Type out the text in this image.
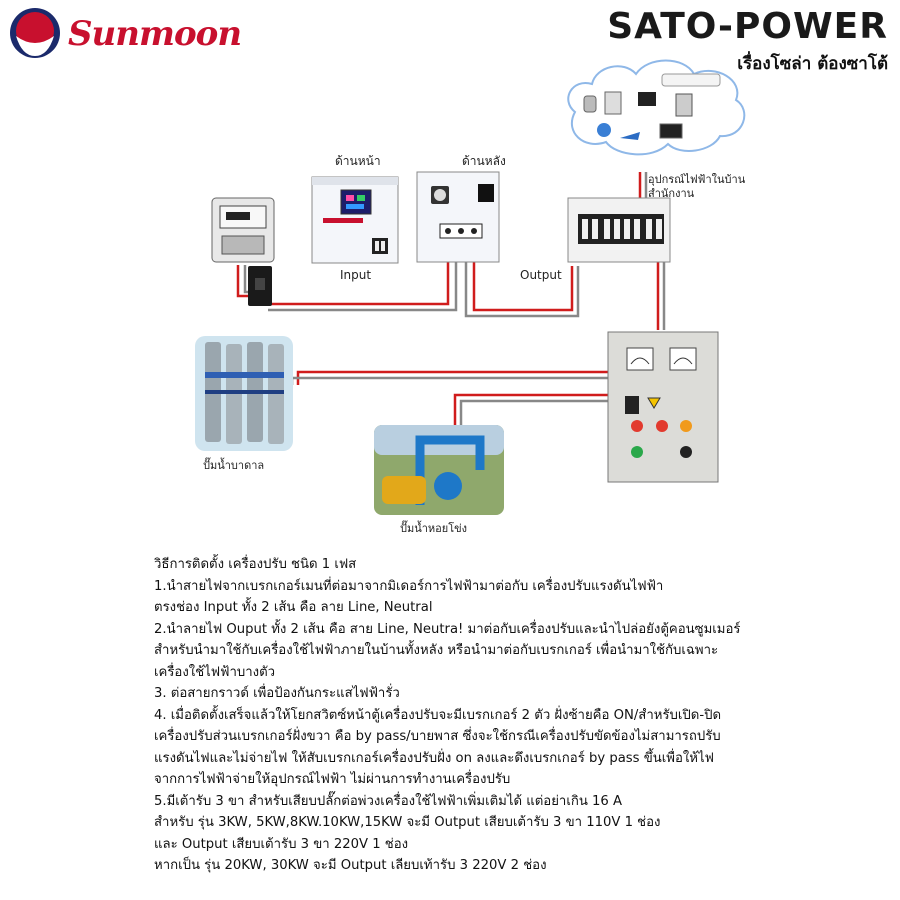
Sunmoon	SATO-POWER
เรื่องโซล่า ต้องซาโต้
ด้านหน้า	ด้านหลัง
Input	Output
อุปกรณ์ไฟฟ้าในบ้าน
สำนักงาน
ปั๊มน้ำบาดาล
ปั๊มน้ำหอยโข่ง
วิธีการติดตั้ง เครื่องปรับ ชนิด 1 เฟส
1.นำสายไฟจากเบรกเกอร์เมนที่ต่อมาจากมิเดอร์การไฟฟ้ามาต่อกับ เครื่องปรับแรงดันไฟฟ้า
ตรงช่อง Input ทั้ง 2 เส้น คือ ลาย Line, Neutral
2.นำลายไฟ Ouput ทั้ง 2 เส้น คือ สาย Line, Neutra! มาต่อกับเครื่องปรับและนำไปล่อยังตู้คอนซูมเมอร์
สำหรับนำมาใช้กับเครื่องใช้ไฟฟ้าภายในบ้านทั้งหลัง หรือนำมาต่อกับเบรกเกอร์ เพื่อนำมาใช้กับเฉพาะ
เครื่องใช้ไฟฟ้าบางตัว
3. ต่อสายกราวด์ เพื่อป้องกันกระแสไฟฟ้ารั่ว
4. เมื่อติดตั้งเสร็จแล้วให้โยกสวิตซ์หน้าตู้เครื่องปรับจะมีเบรกเกอร์ 2 ตัว ฝั่งซ้ายคือ ON/สำหรับเปิด-ปิด
เครื่องปรับส่วนเบรกเกอร์ฝั่งขวา คือ by pass/บายพาส ซึ่งจะใช้กรณีเครื่องปรับขัดข้องไม่สามารถปรับ
แรงดันไฟและไม่จ่ายไฟ ให้สับเบรกเกอร์เครื่องปรับฝั่ง on ลงและดึงเบรกเกอร์ by pass ขึ้นเพื่อให้ไฟ
จากการไฟฟ้าจ่ายให้อุปกรณ์ไฟฟ้า ไม่ผ่านการทำงานเครื่องปรับ
5.มีเต้ารับ 3 ขา สำหรับเสียบปลั๊กต่อพ่วงเครื่องใช้ไฟฟ้าเพิ่มเติมได้ แต่อย่าเกิน 16 A
สำหรับ รุ่น 3KW, 5KW,8KW.10KW,15KW จะมี Output เสียบเต้ารับ 3 ขา 110V 1 ช่อง
และ Output เสียบเต้ารับ 3 ขา 220V 1 ช่อง
หากเป็น รุ่น 20KW, 30KW จะมี Output เลียบเท้ารับ 3 220V 2 ช่อง
